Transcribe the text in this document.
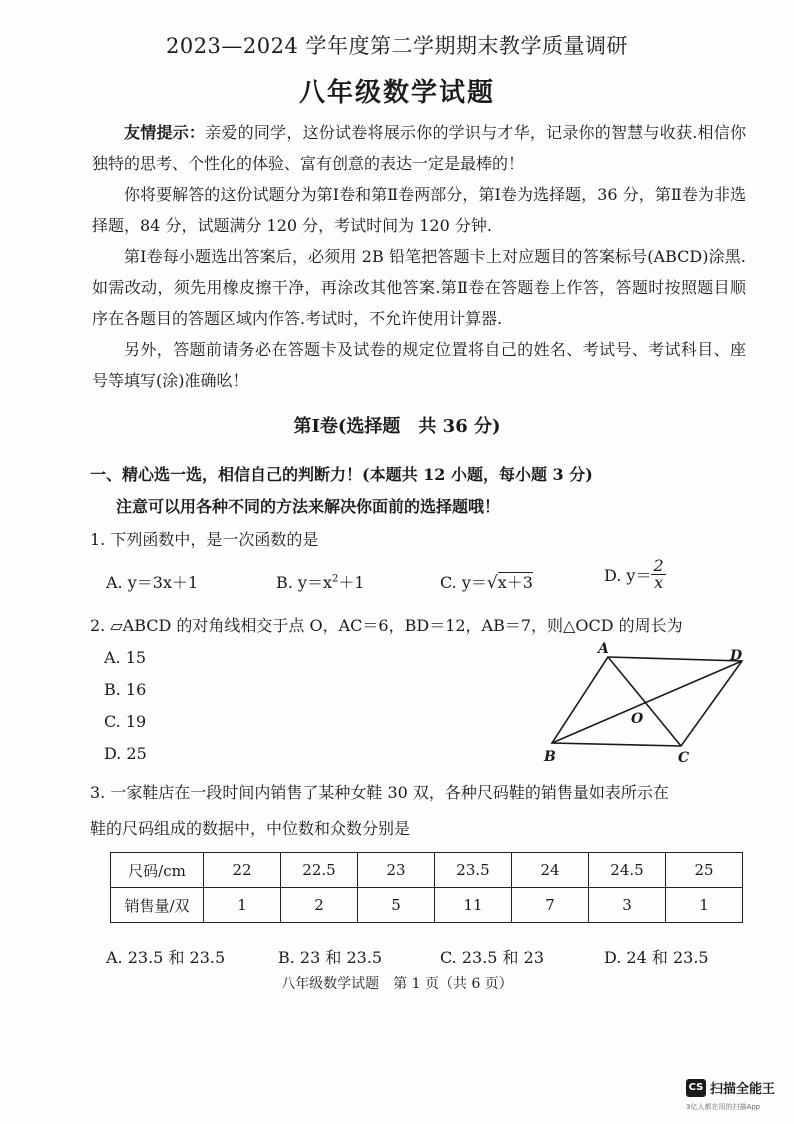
2023—2024 学年度第二学期期末教学质量调研
八年级数学试题
友情提示：亲爱的同学，这份试卷将展示你的学识与才华，记录你的智慧与收获.相信你独特的思考、个性化的体验、富有创意的表达一定是最棒的！
你将要解答的这份试题分为第Ⅰ卷和第Ⅱ卷两部分，第Ⅰ卷为选择题，36 分，第Ⅱ卷为非选择题，84 分，试题满分 120 分，考试时间为 120 分钟.
第Ⅰ卷每小题选出答案后，必须用 2B 铅笔把答题卡上对应题目的答案标号(ABCD)涂黑.如需改动，须先用橡皮擦干净，再涂改其他答案.第Ⅱ卷在答题卷上作答，答题时按照题目顺序在各题目的答题区域内作答.考试时，不允许使用计算器.
另外，答题前请务必在答题卡及试卷的规定位置将自己的姓名、考试号、考试科目、座号等填写(涂)准确吆！
第Ⅰ卷(选择题　共 36 分)
一、精心选一选，相信自己的判断力！(本题共 12 小题，每小题 3 分)
注意可以用各种不同的方法来解决你面前的选择题哦！
1. 下列函数中，是一次函数的是
A. y＝3x＋1	B. $y=x^2+1$	C. y＝√x＋3	D. $y= \frac{2}{x}$
2. ▱ABCD 的对角线相交于点 O，AC＝6，BD＝12，AB＝7，则△OCD 的周长为
A. 15
B. 16
C. 19
D. 25
A	D
O
B	C
3. 一家鞋店在一段时间内销售了某种女鞋 30 双，各种尺码鞋的销售量如表所示在
鞋的尺码组成的数据中，中位数和众数分别是
尺码/cm	22	22.5	23	23.5	24	24.5	25
销售量/双	1	2	5	11	7	3	1
A. 23.5 和 23.5	B. 23 和 23.5	C. 23.5 和 23	D. 24 和 23.5
八年级数学试题　第 1 页（共 6 页）
CS 扫描全能王
3亿人都在用的扫描App
